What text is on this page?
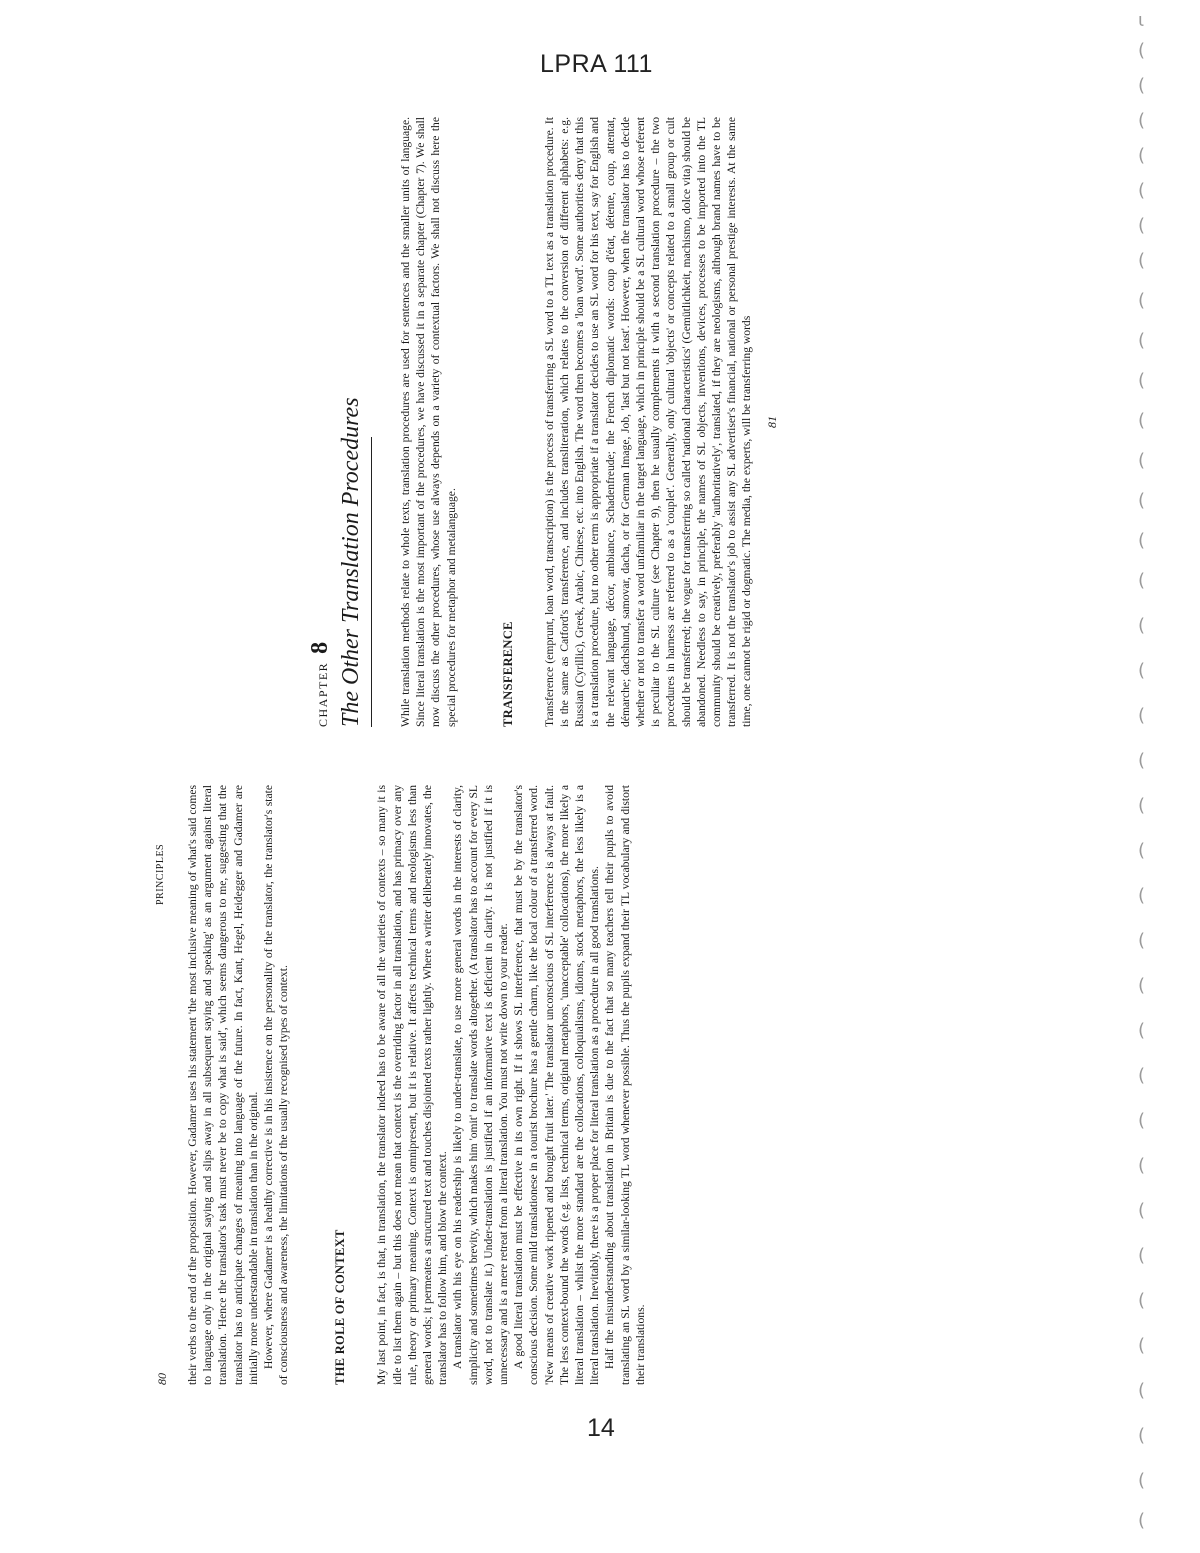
LPRA 111
80
PRINCIPLES their verbs to the end of the proposition. However, Gadamer uses his statement 'the most inclusive meaning of what's said comes to language only in the original saying and slips away in all subsequent saying and speaking' as an argument against literal translation. 'Hence the translator's task must never be to copy what is said', which seems dangerous to me, suggesting that the translator has to anticipate changes of meaning into language of the future. In fact, Kant, Hegel, Heidegger and Gadamer are initially more understandable in translation than in the original. However, where Gadamer is a healthy corrective is in his insistence on the personality of the translator, the translator's state of consciousness and awareness, the limitations of the usually recognised types of context.	THE ROLE OF CONTEXT My last point, in fact, is that, in translation, the translator indeed has to be aware of all the varieties of contexts – so many it is idle to list them again – but this does not mean that context is the overriding factor in all translation, and has primacy over any rule, theory or primary meaning. Context is omnipresent, but it is relative. It affects technical terms and neologisms less than general words; it permeates a structured text and touches disjointed texts rather lightly. Where a writer deliberately innovates, the translator has to follow him, and blow the context. A translator with his eye on his readership is likely to under-translate, to use more general words in the interests of clarity, simplicity and sometimes brevity, which makes him 'omit' to translate words altogether. (A translator has to account for every SL word, not to translate it.) Under-translation is justified if an informative text is deficient in clarity. It is not justified if it is unnecessary and is a mere retreat from a literal translation. You must not write down to your reader. A good literal translation must be effective in its own right. If it shows SL interference, that must be by the translator's conscious decision. Some mild translationese in a tourist brochure has a gentle charm, like the local colour of a transferred word. 'New means of creative work ripened and brought fruit later.' The translator unconscious of SL interference is always at fault. The less context-bound the words (e.g. lists, technical terms, original metaphors, 'unacceptable' collocations), the more likely a literal translation – whilst the more standard are the collocations, colloquialisms, idioms, stock metaphors, the less likely is a literal translation. Inevitably, there is a proper place for literal translation as a procedure in all good translations. Half the misunderstanding about translation in Britain is due to the fact that so many teachers tell their pupils to avoid translating an SL word by a similar-looking TL word whenever possible. Thus the pupils expand their TL vocabulary and distort their translations.

CHAPTER8 The Other Translation Procedures	While translation methods relate to whole texts, translation procedures are used for sentences and the smaller units of language. Since literal translation is the most important of the procedures, we have discussed it in a separate chapter (Chapter 7). We shall now discuss the other procedures, whose use always depends on a variety of contextual factors. We shall not discuss here the special procedures for metaphor and metalanguage.	TRANSFERENCE Transference (emprunt, loan word, transcription) is the process of transferring a SL word to a TL text as a translation procedure. It is the same as Catford's transference, and includes transliteration, which relates to the conversion of different alphabets: e.g. Russian (Cyrillic), Greek, Arabic, Chinese, etc. into English. The word then becomes a 'loan word'. Some authorities deny that this is a translation procedure, but no other term is appropriate if a translator decides to use an SL word for his text, say for English and the relevant language, décor, ambiance, Schadenfreude; the French diplomatic words: coup d'état, détente, coup, attentat, démarche; dachshund, samovar, dacha, or for German Image, Job, 'last but not least'. However, when the translator has to decide whether or not to transfer a word unfamiliar in the target language, which in principle should be a SL cultural word whose referent is peculiar to the SL culture (see Chapter 9), then he usually complements it with a second translation procedure – the two procedures in harness are referred to as a 'couplet'. Generally, only cultural 'objects' or concepts related to a small group or cult should be transferred; the vogue for transferring so called 'national characteristics' (Gemütlichkeit, machismo, dolce vita) should be abandoned. Needless to say, in principle, the names of SL objects, inventions, devices, processes to be imported into the TL community should be creatively, preferably 'authoritatively', translated, if they are neologisms, although brand names have to be transferred. It is not the translator's job to assist any SL advertiser's financial, national or personal prestige interests. At the same time, one cannot be rigid or dogmatic. The media, the experts, will be transferring words 81
ι
(
(
(
(
(
(
(
(
(
(
(
(
(
(
(
(
(
(
(
(
(
(
(
(
(
(
(
(
(
(
(
(
(
(
(
(
14
